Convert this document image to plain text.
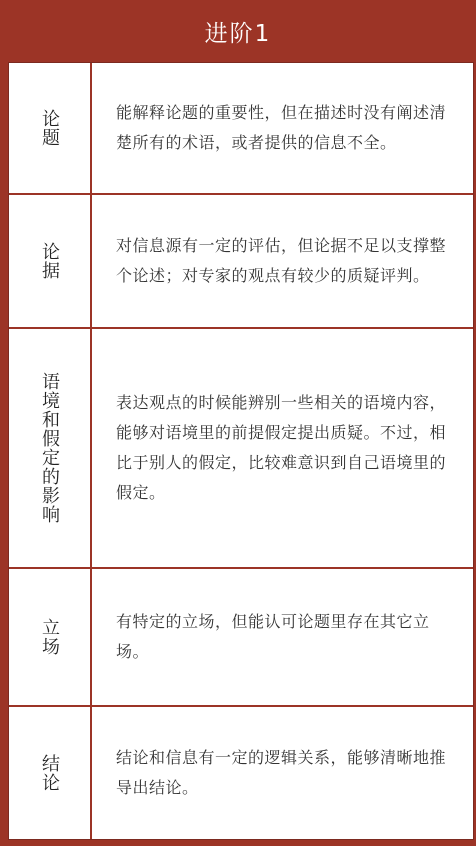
进阶1
论题	能解释论题的重要性，但在描述时没有阐述清楚所有的术语，或者提供的信息不全。
论据	对信息源有一定的评估，但论据不足以支撑整个论述；对专家的观点有较少的质疑评判。
语境和假定的影响	表达观点的时候能辨别一些相关的语境内容，能够对语境里的前提假定提出质疑。不过，相比于别人的假定，比较难意识到自己语境里的假定。
立场	有特定的立场，但能认可论题里存在其它立场。
结论	结论和信息有一定的逻辑关系，能够清晰地推导出结论。
